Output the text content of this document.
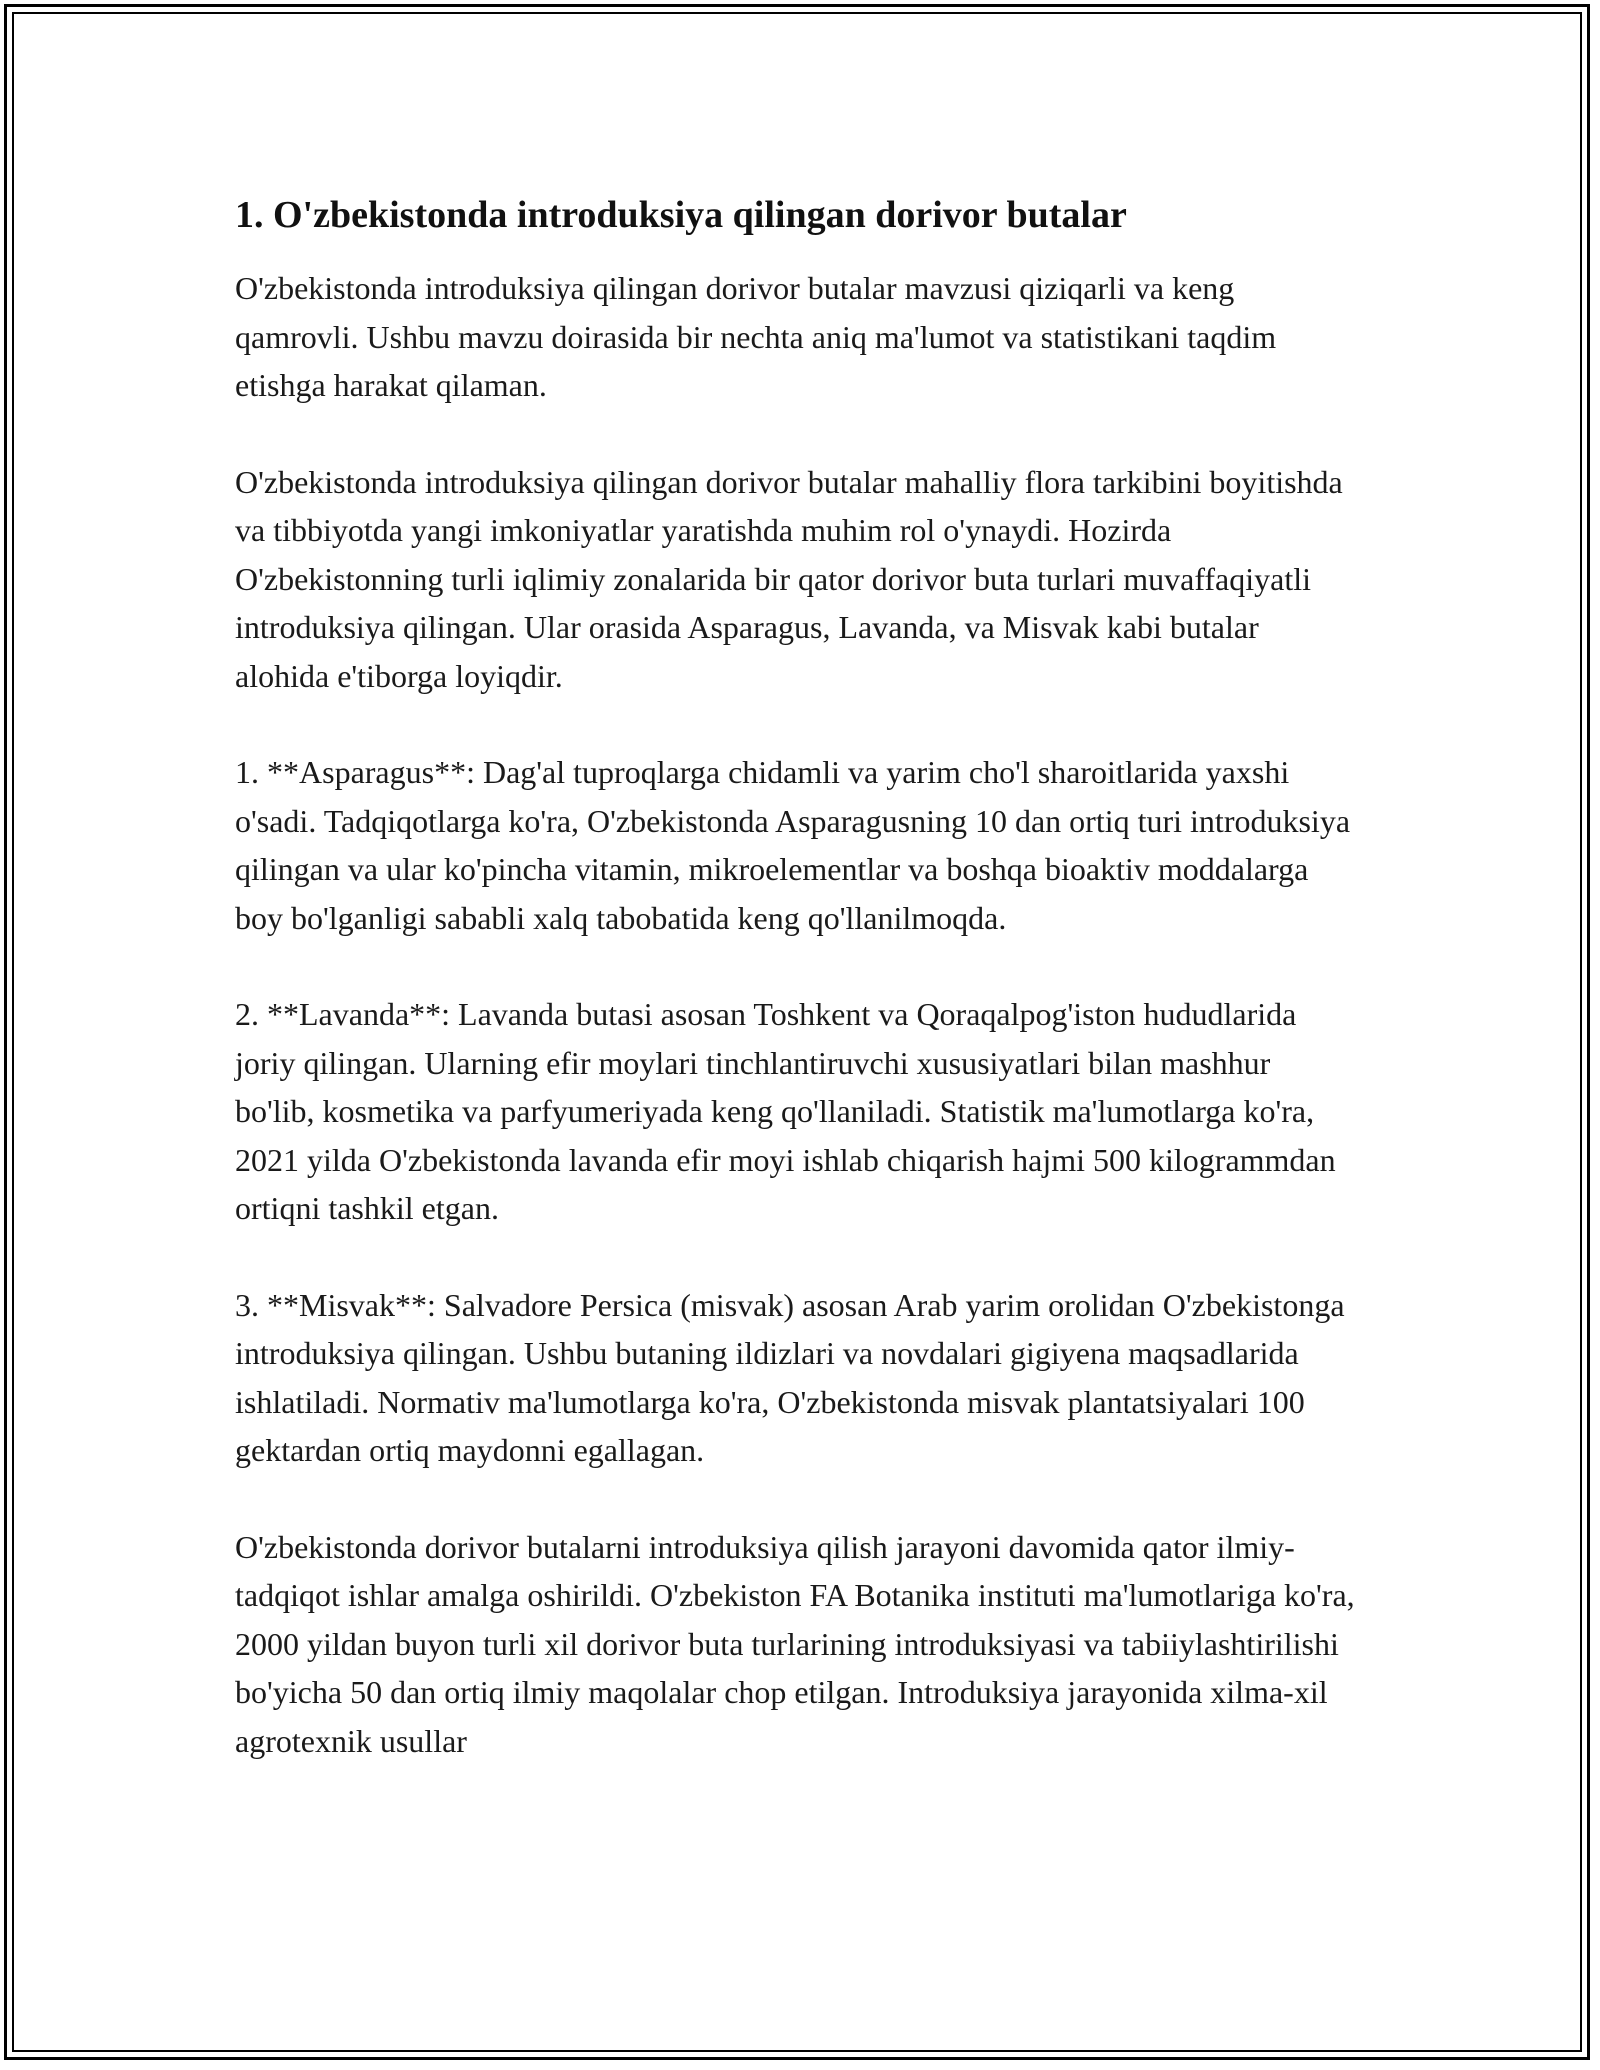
1. O'zbekistonda introduksiya qilingan dorivor butalar

O'zbekistonda introduksiya qilingan dorivor butalar mavzusi qiziqarli va keng qamrovli. Ushbu mavzu doirasida bir nechta aniq ma'lumot va statistikani taqdim etishga harakat qilaman.

O'zbekistonda introduksiya qilingan dorivor butalar mahalliy flora tarkibini boyitishda va tibbiyotda yangi imkoniyatlar yaratishda muhim rol o'ynaydi. Hozirda O'zbekistonning turli iqlimiy zonalarida bir qator dorivor buta turlari muvaffaqiyatli introduksiya qilingan. Ular orasida Asparagus, Lavanda, va Misvak kabi butalar alohida e'tiborga loyiqdir.

1. **Asparagus**: Dag'al tuproqlarga chidamli va yarim cho'l sharoitlarida yaxshi o'sadi. Tadqiqotlarga ko'ra, O'zbekistonda Asparagusning 10 dan ortiq turi introduksiya qilingan va ular ko'pincha vitamin, mikroelementlar va boshqa bioaktiv moddalarga boy bo'lganligi sababli xalq tabobatida keng qo'llanilmoqda.

2. **Lavanda**: Lavanda butasi asosan Toshkent va Qoraqalpog'iston hududlarida joriy qilingan. Ularning efir moylari tinchlantiruvchi xususiyatlari bilan mashhur bo'lib, kosmetika va parfyumeriyada keng qo'llaniladi. Statistik ma'lumotlarga ko'ra, 2021 yilda O'zbekistonda lavanda efir moyi ishlab chiqarish hajmi 500 kilogrammdan ortiqni tashkil etgan.

3. **Misvak**: Salvadore Persica (misvak) asosan Arab yarim orolidan O'zbekistonga introduksiya qilingan. Ushbu butaning ildizlari va novdalari gigiyena maqsadlarida ishlatiladi. Normativ ma'lumotlarga ko'ra, O'zbekistonda misvak plantatsiyalari 100 gektardan ortiq maydonni egallagan.

O'zbekistonda dorivor butalarni introduksiya qilish jarayoni davomida qator ilmiy-tadqiqot ishlar amalga oshirildi. O'zbekiston FA Botanika instituti ma'lumotlariga ko'ra, 2000 yildan buyon turli xil dorivor buta turlarining introduksiyasi va tabiiylashtirilishi bo'yicha 50 dan ortiq ilmiy maqolalar chop etilgan. Introduksiya jarayonida xilma-xil agrotexnik usullar
